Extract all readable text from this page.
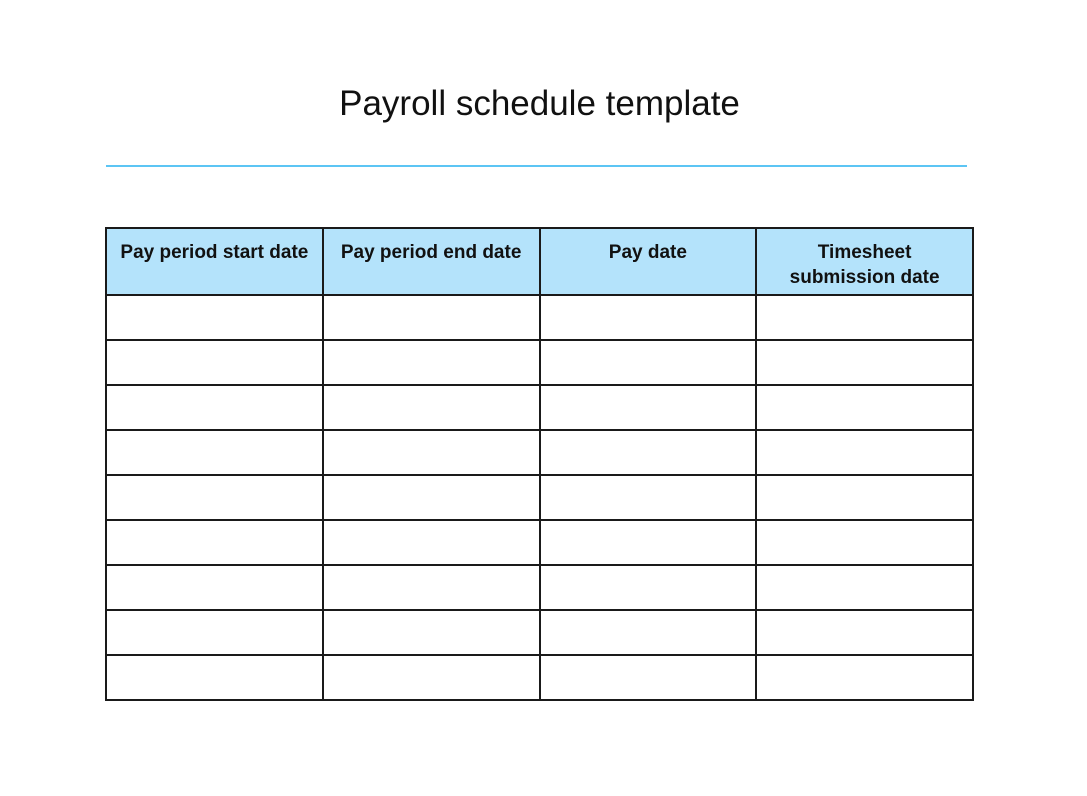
Payroll schedule template
Pay period start date	Pay period end date	Pay date	Timesheet
submission date
